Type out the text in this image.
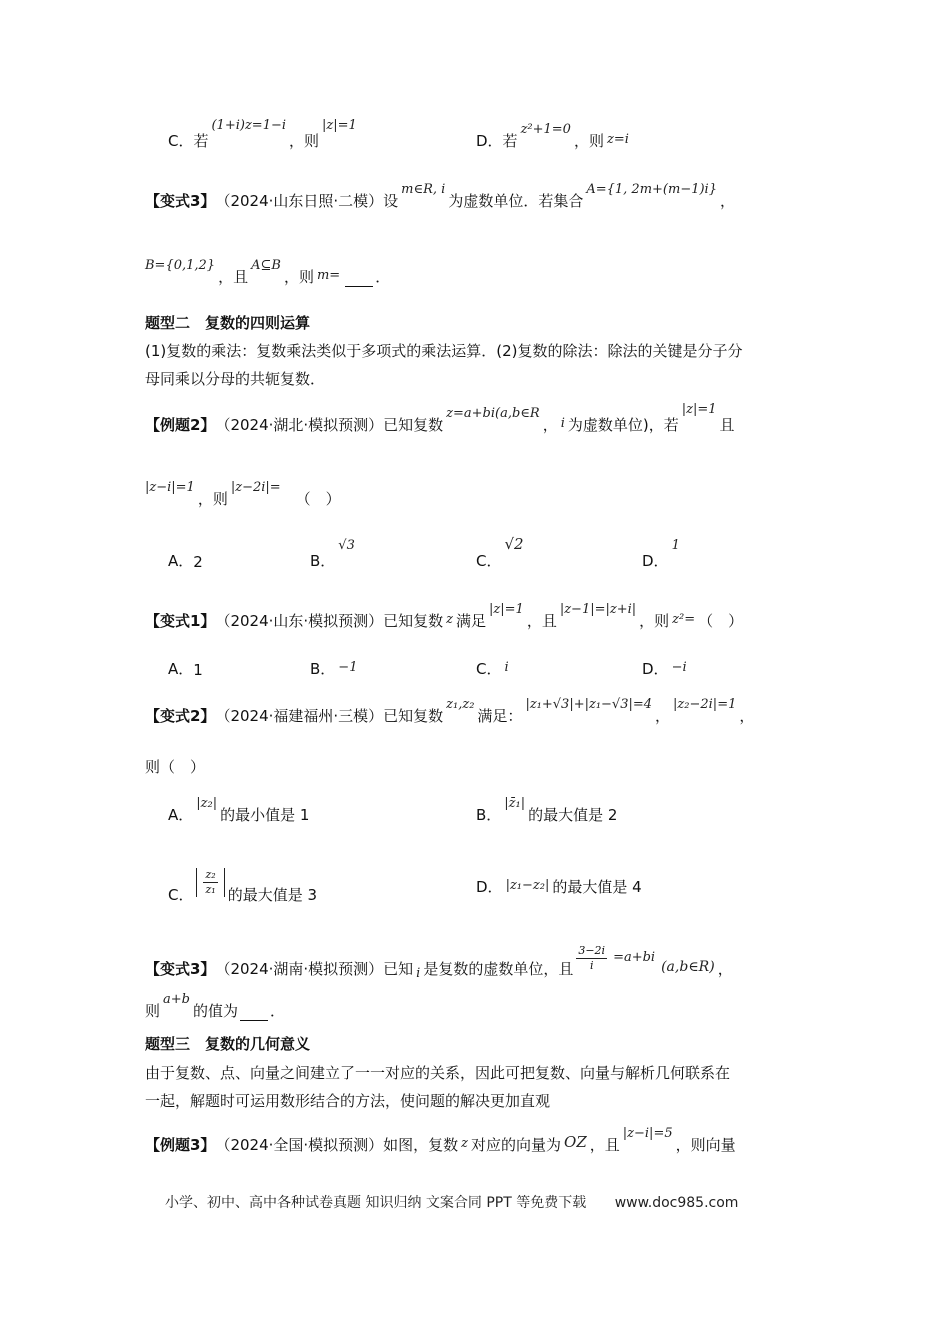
C．若
(1+i)z=1−i
，则
|z|=1
D．若
z²+1=0
，则 z=i
【变式3】 （2024·山东日照·二模）设
m∈R, i
为虚数单位．若集合
A={1, 2m+(m−1)i}
，
B={0,1,2}
，且
A⊆B
，则 m= ．
题型二　复数的四则运算
(1)复数的乘法：复数乘法类似于多项式的乘法运算．(2)复数的除法：除法的关键是分子分
母同乘以分母的共轭复数．
【例题2】 （2024·湖北·模拟预测）已知复数
z=a+bi(a,b∈R
， i 为虚数单位)，若
|z|=1
且
|z−i|=1
，则
|z−2i|=
（　）
A． 2	B．
√3
C．
√2
D．
1
【变式1】 （2024·山东·模拟预测）已知复数 z 满足
|z|=1
，且
|z−1|=|z+i|
，则 z²= （　）
A． 1	B． −1	C． i	D． −i
【变式2】 （2024·福建福州·三模）已知复数
z₁,z₂
满足：
|z₁+√3|+|z₁−√3|=4
，
|z₂−2i|=1
，
则（　）
A．
|z₂|
的最小值是 1	B．
|z̄₁|
的最大值是 2
C． $\frac{\text{z₂}}{\text{z₁}}$ 的最大值是 3	D． |z₁−z₂| 的最大值是 4
【变式3】 （2024·湖南·模拟预测）已知 i 是复数的虚数单位，且 $\frac{3-2i}{i} =a+bi$
(a,b∈R) ，
则
a+b
的值为 ．
题型三　复数的几何意义
由于复数、点、向量之间建立了一一对应的关系，因此可把复数、向量与解析几何联系在
一起，解题时可运用数形结合的方法，使问题的解决更加直观
【例题3】 （2024·全国·模拟预测）如图，复数 z 对应的向量为 OZ ，且
|z−i|=5
，则向量
小学、初中、高中各种试卷真题 知识归纳 文案合同 PPT 等免费下载 www.doc985.com
